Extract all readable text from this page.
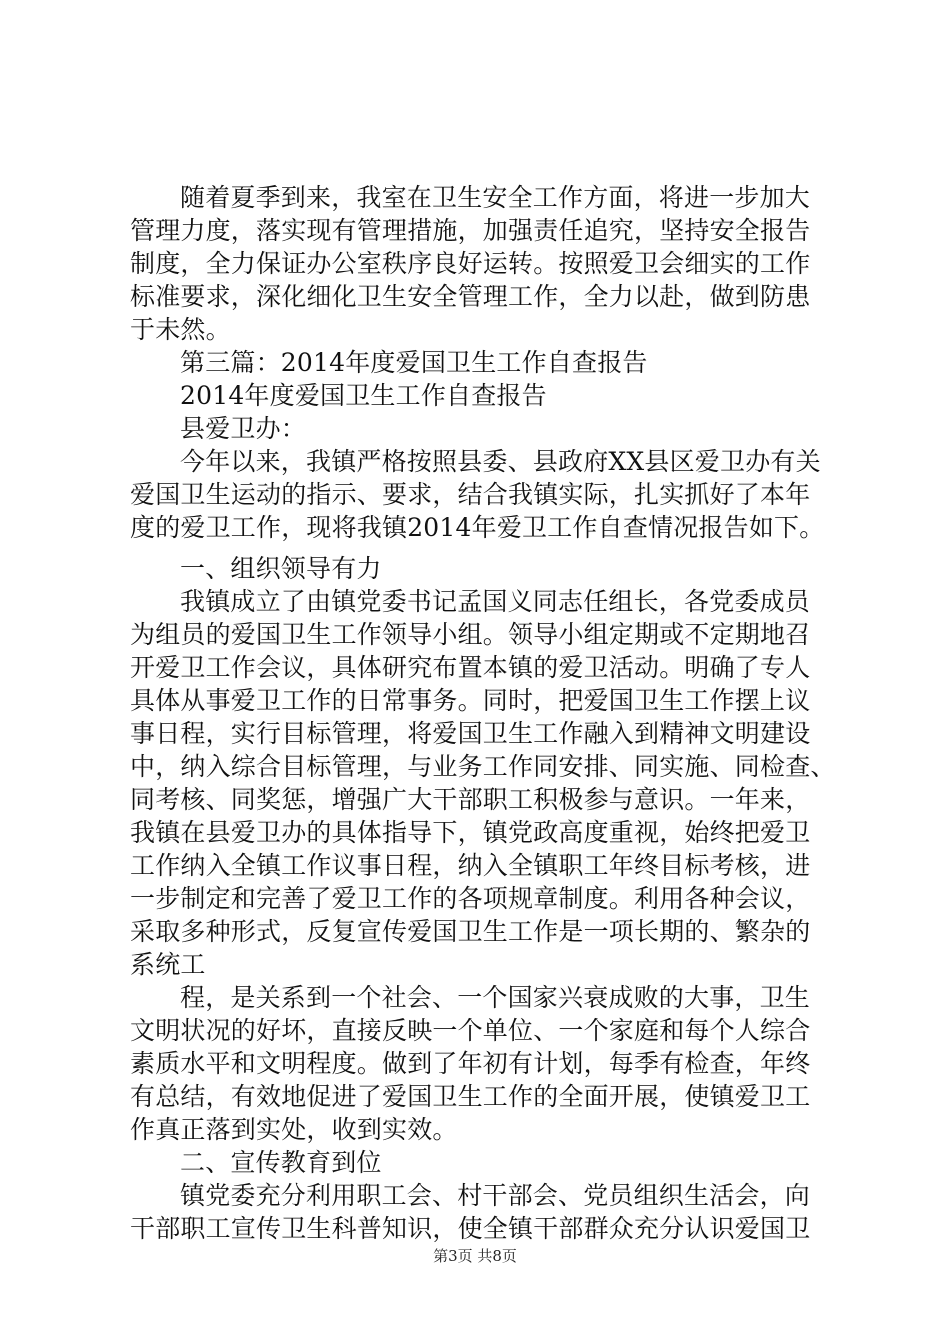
随着夏季到来，我室在卫生安全工作方面，将进一步加大
管理力度，落实现有管理措施，加强责任追究，坚持安全报告
制度，全力保证办公室秩序良好运转。按照爱卫会细实的工作
标准要求，深化细化卫生安全管理工作，全力以赴，做到防患
于未然。
第三篇：2014年度爱国卫生工作自查报告
2014年度爱国卫生工作自查报告
县爱卫办：
今年以来，我镇严格按照县委、县政府XX县区爱卫办有关
爱国卫生运动的指示、要求，结合我镇实际，扎实抓好了本年
度的爱卫工作，现将我镇2014年爱卫工作自查情况报告如下。
一、组织领导有力
我镇成立了由镇党委书记孟国义同志任组长，各党委成员
为组员的爱国卫生工作领导小组。领导小组定期或不定期地召
开爱卫工作会议，具体研究布置本镇的爱卫活动。明确了专人
具体从事爱卫工作的日常事务。同时，把爱国卫生工作摆上议
事日程，实行目标管理，将爱国卫生工作融入到精神文明建设
中，纳入综合目标管理，与业务工作同安排、同实施、同检查、
同考核、同奖惩，增强广大干部职工积极参与意识。一年来，
我镇在县爱卫办的具体指导下，镇党政高度重视，始终把爱卫
工作纳入全镇工作议事日程，纳入全镇职工年终目标考核，进
一步制定和完善了爱卫工作的各项规章制度。利用各种会议，
采取多种形式，反复宣传爱国卫生工作是一项长期的、繁杂的
系统工
程，是关系到一个社会、一个国家兴衰成败的大事，卫生
文明状况的好坏，直接反映一个单位、一个家庭和每个人综合
素质水平和文明程度。做到了年初有计划，每季有检查，年终
有总结，有效地促进了爱国卫生工作的全面开展，使镇爱卫工
作真正落到实处，收到实效。
二、宣传教育到位
镇党委充分利用职工会、村干部会、党员组织生活会，向
干部职工宣传卫生科普知识，使全镇干部群众充分认识爱国卫
第3页 共8页
